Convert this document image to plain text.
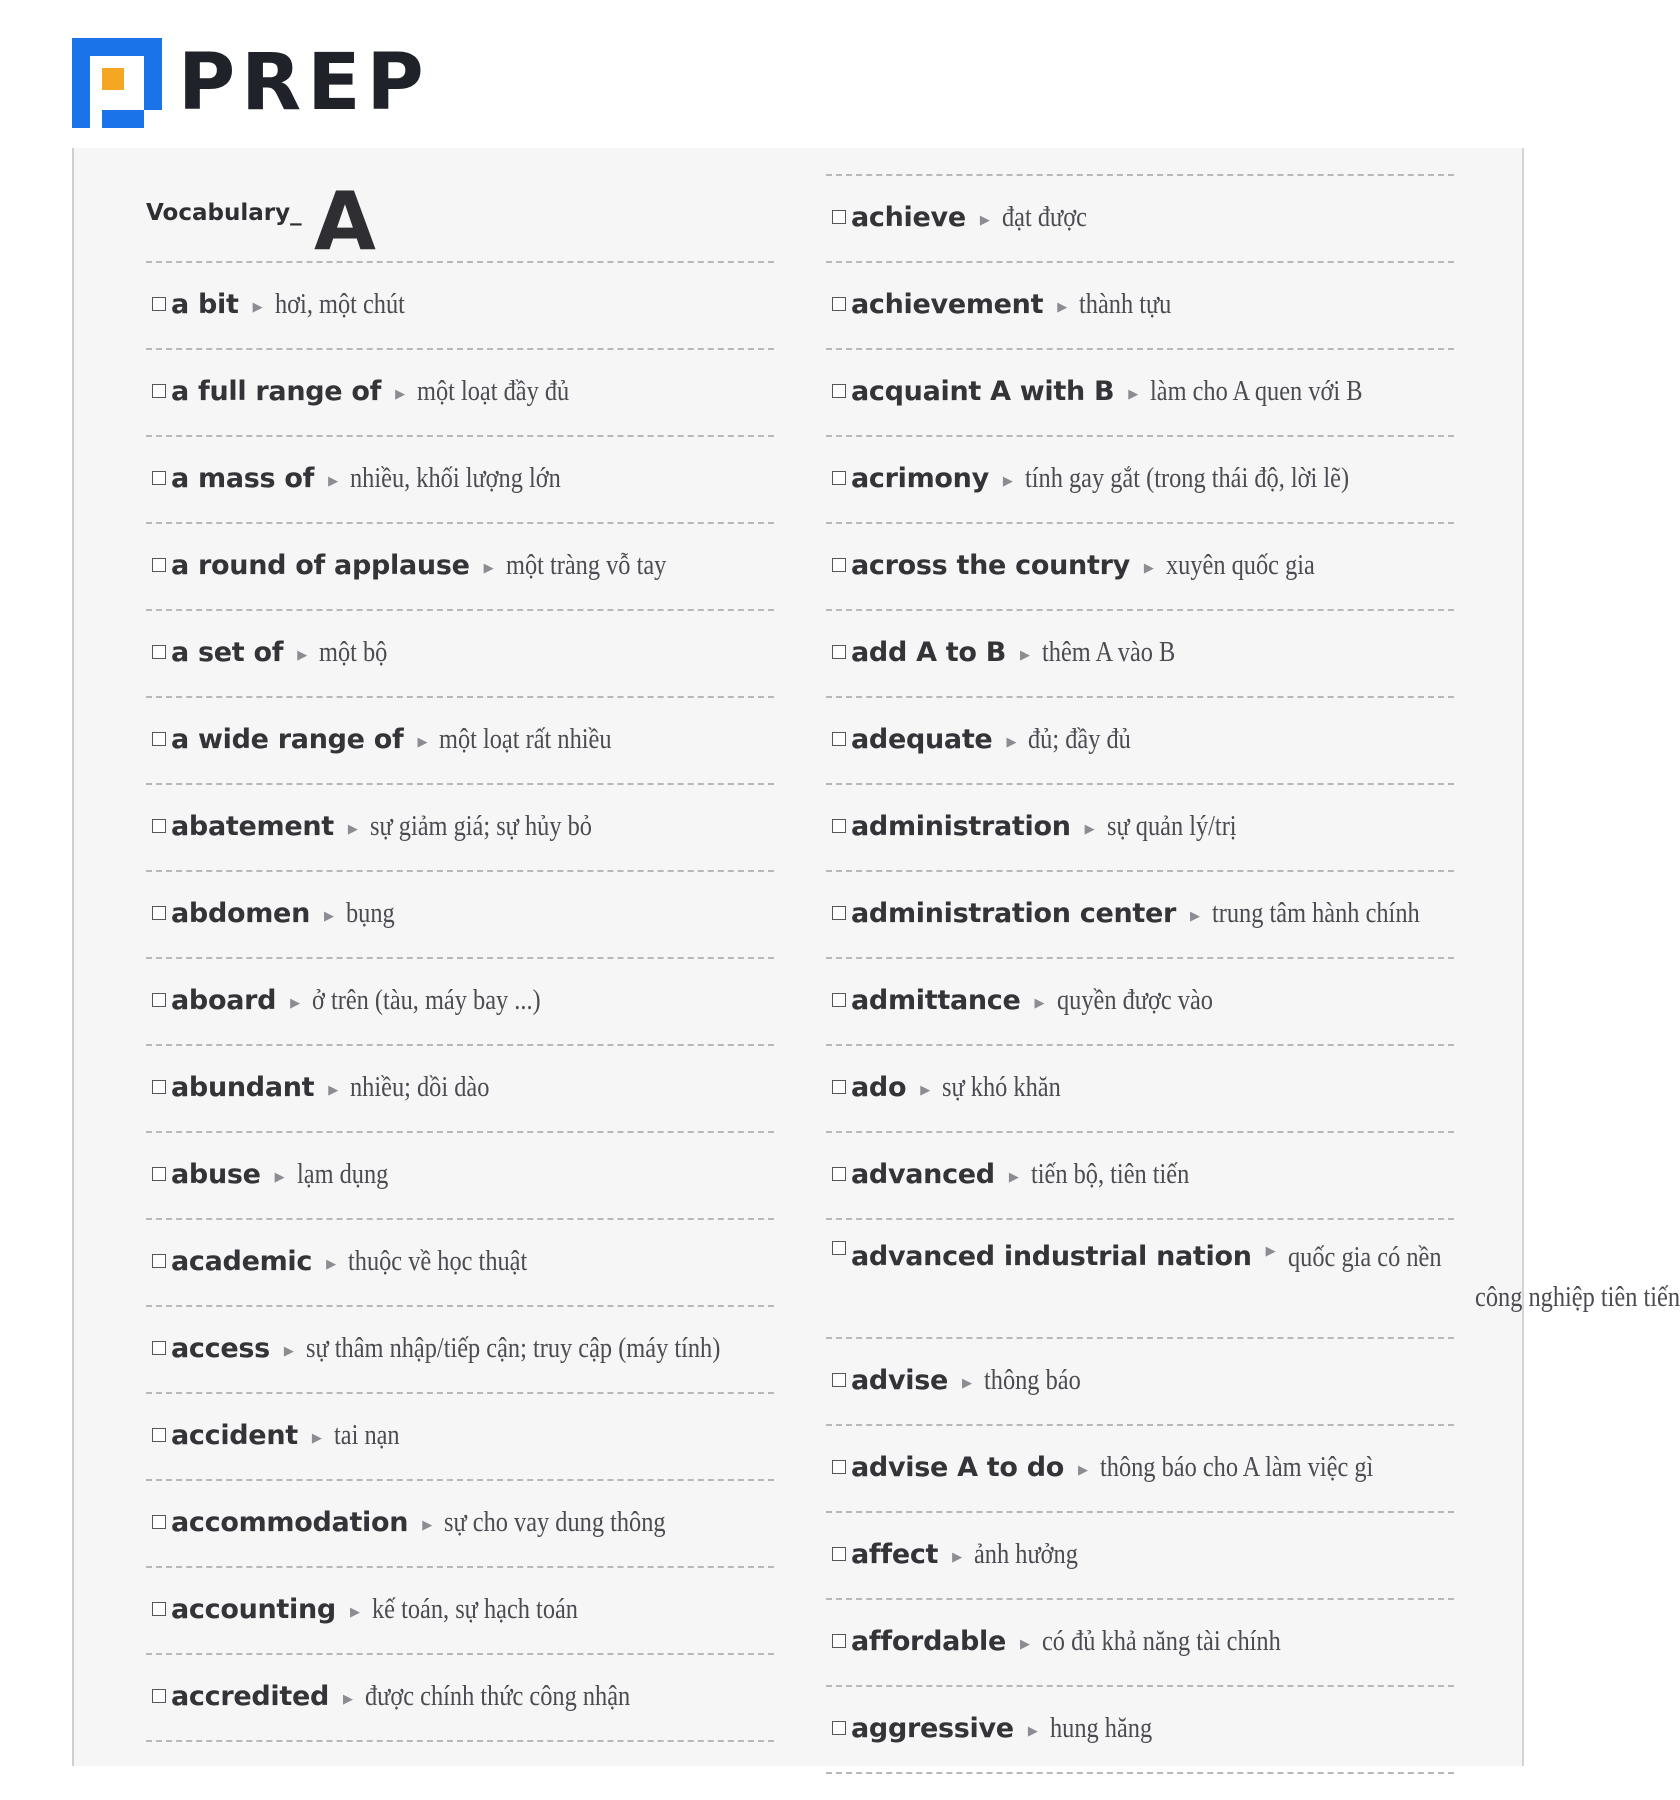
PREP
Vocabulary_ A
a bit ▶ hơi, một chút
a full range of ▶ một loạt đầy đủ
a mass of ▶ nhiều, khối lượng lớn
a round of applause ▶ một tràng vỗ tay
a set of ▶ một bộ
a wide range of ▶ một loạt rất nhiều
abatement ▶ sự giảm giá; sự hủy bỏ
abdomen ▶ bụng
aboard ▶ ở trên (tàu, máy bay ...)
abundant ▶ nhiều; dồi dào
abuse ▶ lạm dụng
academic ▶ thuộc về học thuật
access ▶ sự thâm nhập/tiếp cận; truy cập (máy tính)
accident ▶ tai nạn
accommodation ▶ sự cho vay dung thông
accounting ▶ kế toán, sự hạch toán
accredited ▶ được chính thức công nhận
achieve ▶ đạt được
achievement ▶ thành tựu
acquaint A with B ▶ làm cho A quen với B
acrimony ▶ tính gay gắt (trong thái độ, lời lẽ)
across the country ▶ xuyên quốc gia
add A to B ▶ thêm A vào B
adequate ▶ đủ; đầy đủ
administration ▶ sự quản lý/trị
administration center ▶ trung tâm hành chính
admittance ▶ quyền được vào
ado ▶ sự khó khăn
advanced ▶ tiến bộ, tiên tiến
advanced industrial nation ▶ quốc gia có nền
công nghiệp tiên tiến
advise ▶ thông báo
advise A to do ▶ thông báo cho A làm việc gì
affect ▶ ảnh hưởng
affordable ▶ có đủ khả năng tài chính
aggressive ▶ hung hăng
